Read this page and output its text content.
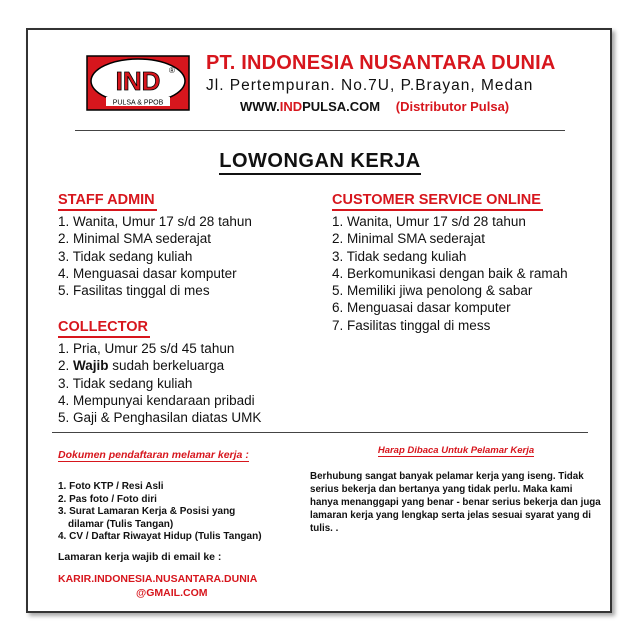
IND ®
PULSA & PPOB
PT. INDONESIA NUSANTARA DUNIA
Jl. Pertempuran. No.7U, P.Brayan, Medan
WWW.INDPULSA.COM (Distributor Pulsa)
LOWONGAN KERJA
STAFF ADMIN
1. Wanita, Umur 17 s/d 28 tahun
2. Minimal SMA sederajat
3. Tidak sedang kuliah
4. Menguasai dasar komputer
5. Fasilitas tinggal di mes
COLLECTOR
1. Pria, Umur 25 s/d 45 tahun
2. Wajib sudah berkeluarga
3. Tidak sedang kuliah
4. Mempunyai kendaraan pribadi
5. Gaji & Penghasilan diatas UMK
CUSTOMER SERVICE ONLINE
1. Wanita, Umur 17 s/d 28 tahun
2. Minimal SMA sederajat
3. Tidak sedang kuliah
4. Berkomunikasi dengan baik & ramah
5. Memiliki jiwa penolong & sabar
6. Menguasai dasar komputer
7. Fasilitas tinggal di mess
Dokumen pendaftaran melamar kerja :
1. Foto KTP / Resi Asli
2. Pas foto / Foto diri
3. Surat Lamaran Kerja & Posisi yang
dilamar (Tulis Tangan)
4. CV / Daftar Riwayat Hidup (Tulis Tangan)
Lamaran kerja wajib di email ke :
KARIR.INDONESIA.NUSANTARA.DUNIA
@GMAIL.COM
Harap Dibaca Untuk Pelamar Kerja
Berhubung sangat banyak pelamar kerja yang iseng. Tidak serius bekerja dan bertanya yang tidak perlu. Maka kami hanya menanggapi yang benar - benar serius bekerja dan juga lamaran kerja yang lengkap serta jelas sesuai syarat yang di tulis. .
